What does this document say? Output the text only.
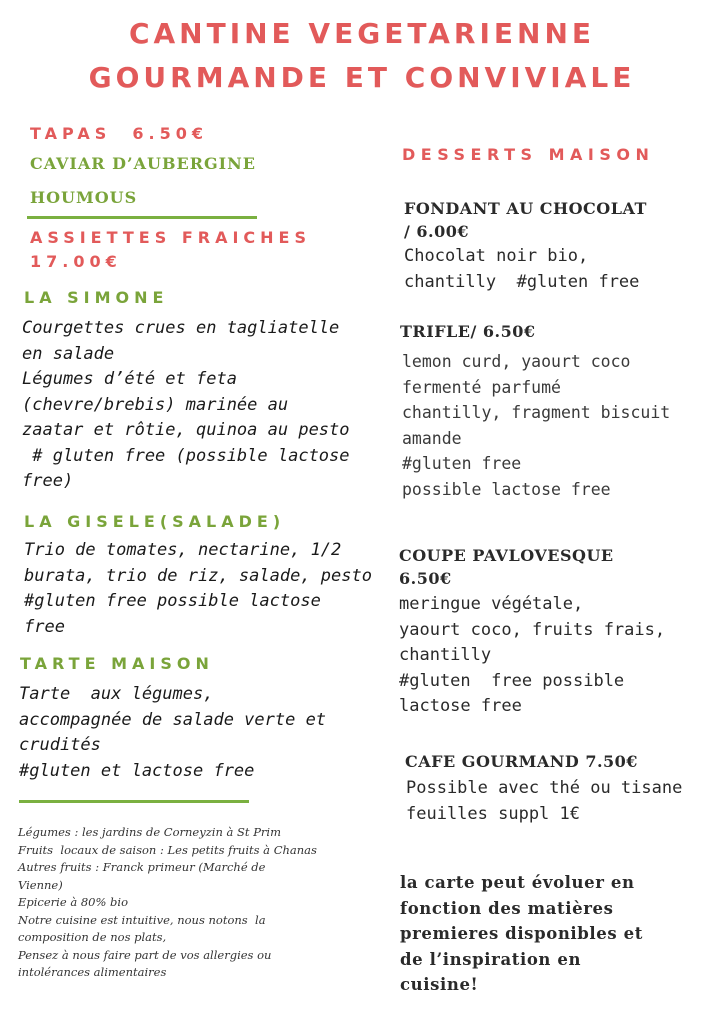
CANTINE VEGETARIENNE
GOURMANDE ET CONVIVIALE
TAPAS  6.50€
CAVIAR D’AUBERGINE
HOUMOUS
ASSIETTES FRAICHES
17.00€
LA SIMONE
Courgettes crues en tagliatelle
en salade
Légumes d’été et feta
(chevre/brebis) marinée au
zaatar et rôtie, quinoa au pesto
# gluten free (possible lactose
free)
LA GISELE(SALADE)
Trio de tomates, nectarine, 1/2
burata, trio de riz, salade, pesto
#gluten free possible lactose
free
TARTE MAISON
Tarte  aux légumes,
accompagnée de salade verte et
crudités
#gluten et lactose free
Légumes : les jardins de Corneyzin à St Prim
Fruits  locaux de saison : Les petits fruits à Chanas
Autres fruits : Franck primeur (Marché de
Vienne)
Epicerie à 80% bio
Notre cuisine est intuitive, nous notons  la
composition de nos plats,
Pensez à nous faire part de vos allergies ou
intolérances alimentaires
DESSERTS MAISON
FONDANT AU CHOCOLAT
/ 6.00€
Chocolat noir bio,
chantilly  #gluten free
TRIFLE/ 6.50€
lemon curd, yaourt coco
fermenté parfumé
chantilly, fragment biscuit
amande
#gluten free
possible lactose free
COUPE PAVLOVESQUE
6.50€
meringue végétale,
yaourt coco, fruits frais,
chantilly
#gluten  free possible
lactose free
CAFE GOURMAND 7.50€
Possible avec thé ou tisane
feuilles suppl 1€
la carte peut évoluer en
fonction des matières
premieres disponibles et
de l’inspiration en
cuisine!
